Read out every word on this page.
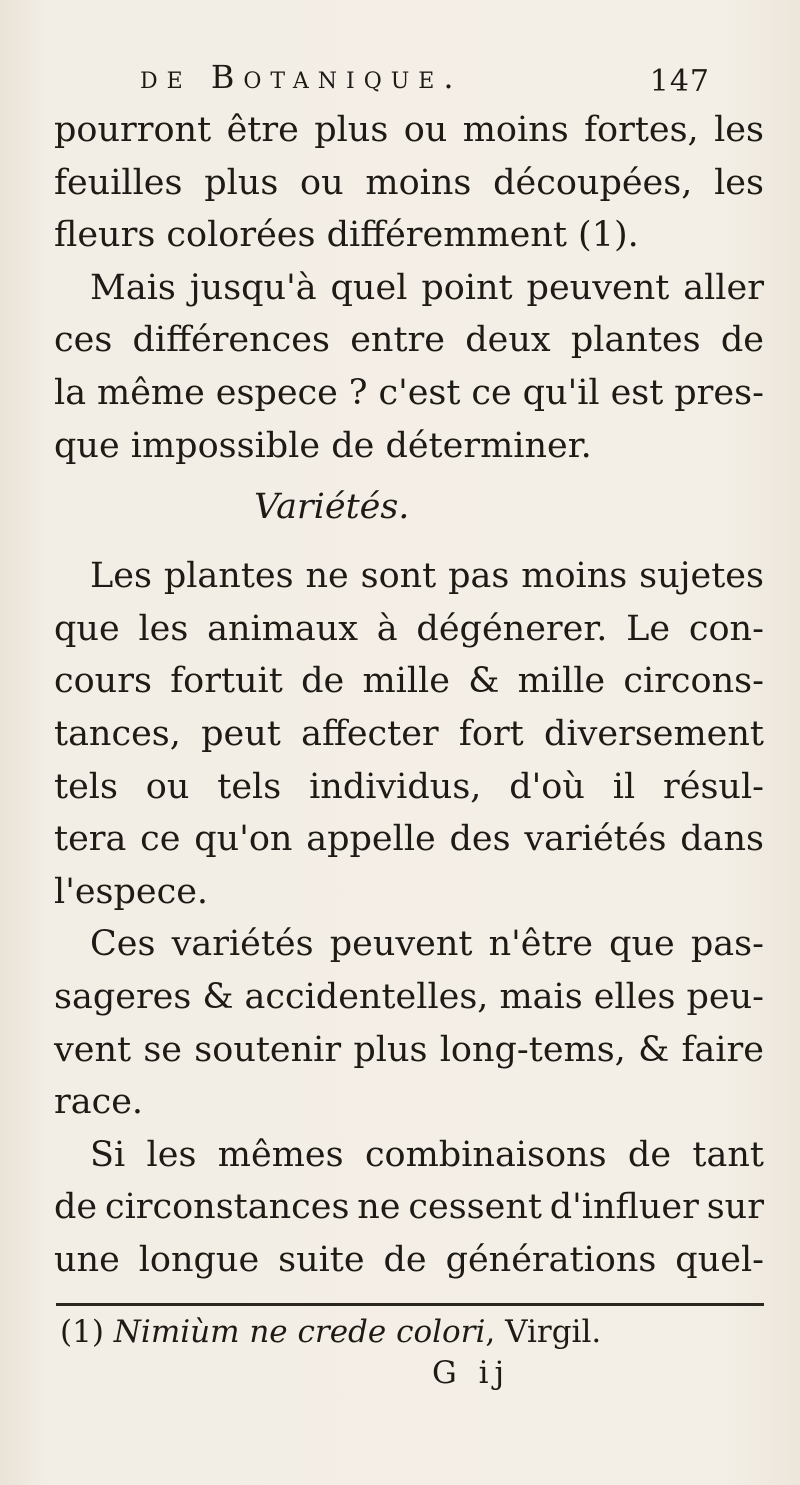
de Botanique.	147
pourront être plus ou moins fortes, les
feuilles plus ou moins découpées, les
fleurs colorées différemment (1).
Mais jusqu'à quel point peuvent aller
ces différences entre deux plantes de
la même espece ? c'est ce qu'il est pres-
que impossible de déterminer.
Variétés.
Les plantes ne sont pas moins sujetes
que les animaux à dégénerer. Le con-
cours fortuit de mille & mille circons-
tances, peut affecter fort diversement
tels ou tels individus, d'où il résul-
tera ce qu'on appelle des variétés dans
l'espece.
Ces variétés peuvent n'être que pas-
sageres & accidentelles, mais elles peu-
vent se soutenir plus long-tems, & faire
race.
Si les mêmes combinaisons de tant
de circonstances ne cessent d'influer sur
une longue suite de générations quel-
(1) Nimiùm ne crede colori, Virgil.
G ij
